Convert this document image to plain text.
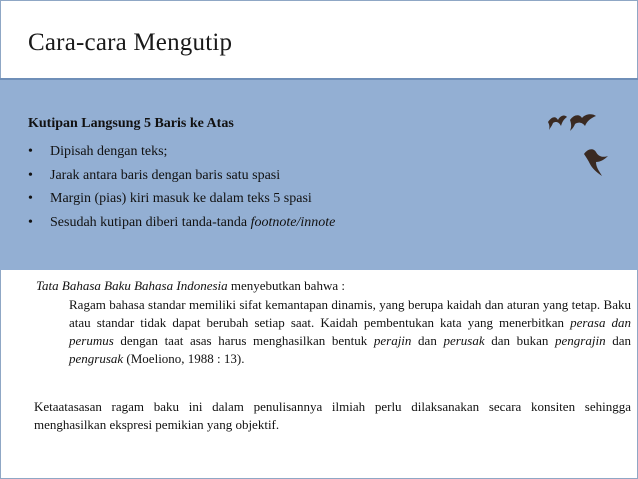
Cara-cara Mengutip
Kutipan Langsung 5 Baris ke Atas
• Dipisah dengan teks;
• Jarak antara baris dengan baris satu spasi
• Margin (pias) kiri masuk ke dalam teks 5 spasi
• Sesudah kutipan diberi tanda-tanda footnote/innote
Tata Bahasa Baku Bahasa Indonesia menyebutkan bahwa :
Ragam bahasa standar memiliki sifat kemantapan dinamis, yang berupa kaidah dan aturan yang tetap. Baku atau standar tidak dapat berubah setiap saat. Kaidah pembentukan kata yang menerbitkan perasa dan perumus dengan taat asas harus menghasilkan bentuk perajin dan perusak dan bukan pengrajin dan pengrusak (Moeliono, 1988 : 13).
Ketaatasasan ragam baku ini dalam penulisannya ilmiah perlu dilaksanakan secara konsiten sehingga menghasilkan ekspresi pemikian yang objektif.
